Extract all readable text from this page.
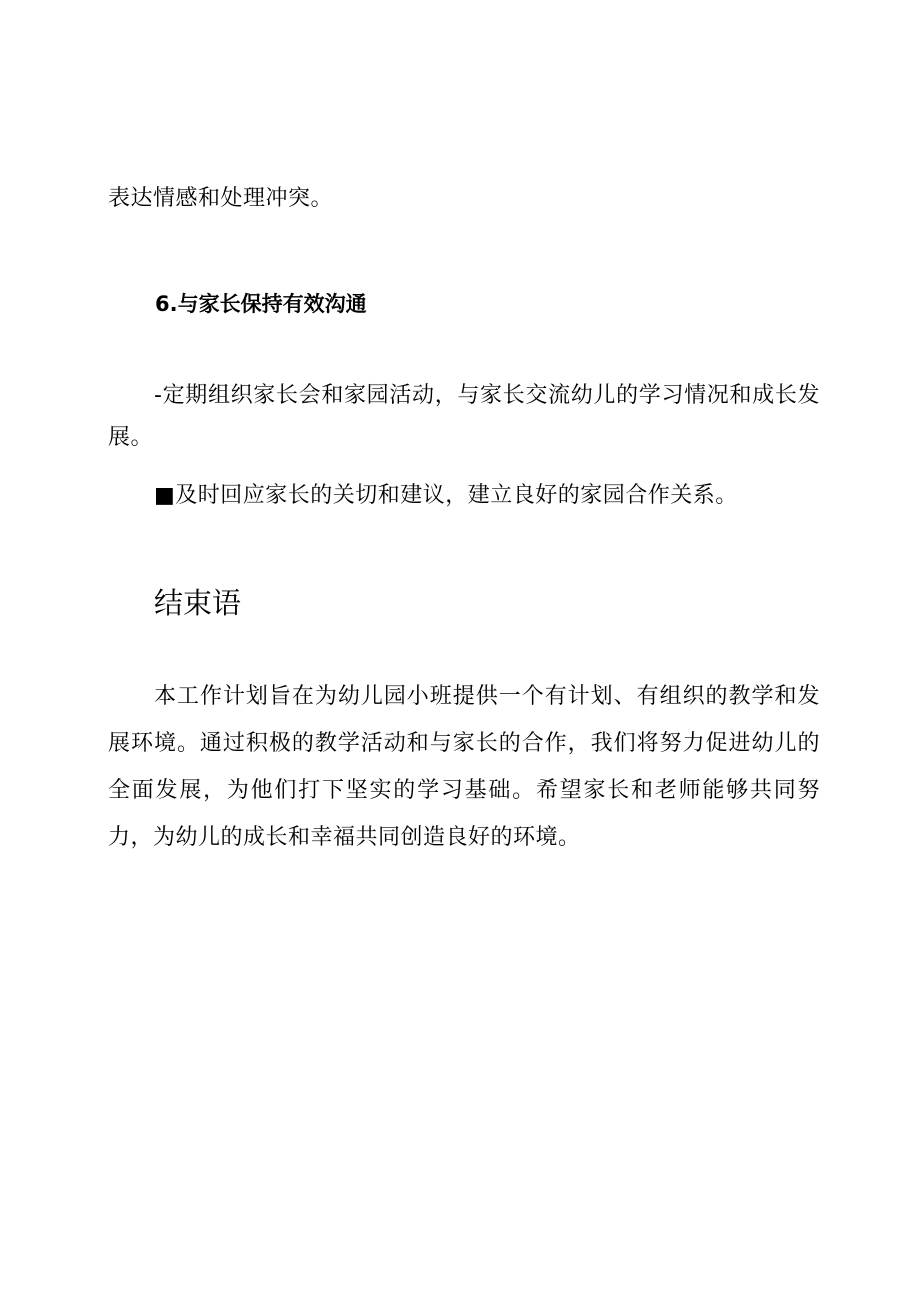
表达情感和处理冲突。
6.与家长保持有效沟通
-定期组织家长会和家园活动，与家长交流幼儿的学习情况和成长发展。
■及时回应家长的关切和建议，建立良好的家园合作关系。
结束语
本工作计划旨在为幼儿园小班提供一个有计划、有组织的教学和发展环境。通过积极的教学活动和与家长的合作，我们将努力促进幼儿的全面发展，为他们打下坚实的学习基础。希望家长和老师能够共同努力，为幼儿的成长和幸福共同创造良好的环境。
